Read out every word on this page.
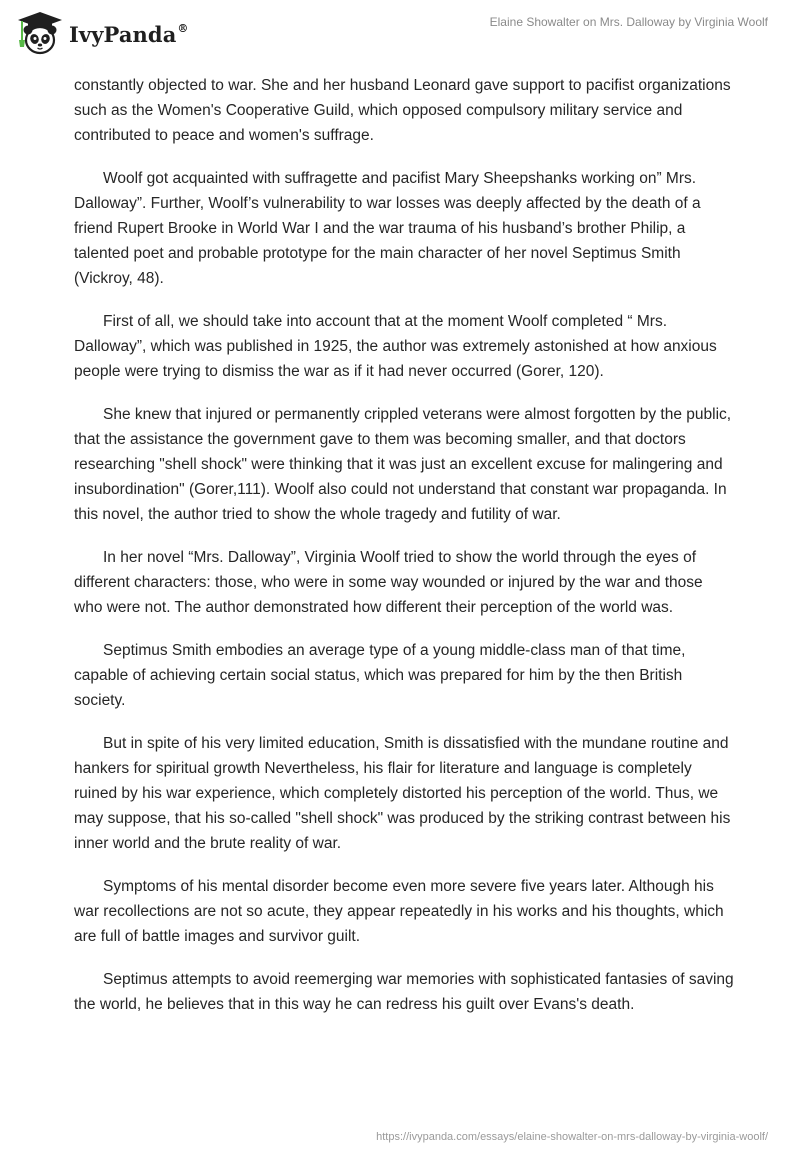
IvyPanda®	Elaine Showalter on Mrs. Dalloway by Virginia Woolf

constantly objected to war. She and her husband Leonard gave support to pacifist organizations such as the Women's Cooperative Guild, which opposed compulsory military service and contributed to peace and women's suffrage.

Woolf got acquainted with suffragette and pacifist Mary Sheepshanks working on” Mrs. Dalloway”. Further, Woolf’s vulnerability to war losses was deeply affected by the death of a friend Rupert Brooke in World War I and the war trauma of his husband’s brother Philip, a talented poet and probable prototype for the main character of her novel Septimus Smith (Vickroy, 48).

First of all, we should take into account that at the moment Woolf completed “ Mrs. Dalloway”, which was published in 1925, the author was extremely astonished at how anxious people were trying to dismiss the war as if it had never occurred (Gorer, 120).

She knew that injured or permanently crippled veterans were almost forgotten by the public, that the assistance the government gave to them was becoming smaller, and that doctors researching "shell shock" were thinking that it was just an excellent excuse for malingering and insubordination" (Gorer,111). Woolf also could not understand that constant war propaganda. In this novel, the author tried to show the whole tragedy and futility of war.

In her novel “Mrs. Dalloway”, Virginia Woolf tried to show the world through the eyes of different characters: those, who were in some way wounded or injured by the war and those who were not. The author demonstrated how different their perception of the world was.

Septimus Smith embodies an average type of a young middle-class man of that time, capable of achieving certain social status, which was prepared for him by the then British society.

But in spite of his very limited education, Smith is dissatisfied with the mundane routine and hankers for spiritual growth Nevertheless, his flair for literature and language is completely ruined by his war experience, which completely distorted his perception of the world. Thus, we may suppose, that his so-called "shell shock" was produced by the striking contrast between his inner world and the brute reality of war.

Symptoms of his mental disorder become even more severe five years later. Although his war recollections are not so acute, they appear repeatedly in his works and his thoughts, which are full of battle images and survivor guilt.

Septimus attempts to avoid reemerging war memories with sophisticated fantasies of saving the world, he believes that in this way he can redress his guilt over Evans's death.

https://ivypanda.com/essays/elaine-showalter-on-mrs-dalloway-by-virginia-woolf/
